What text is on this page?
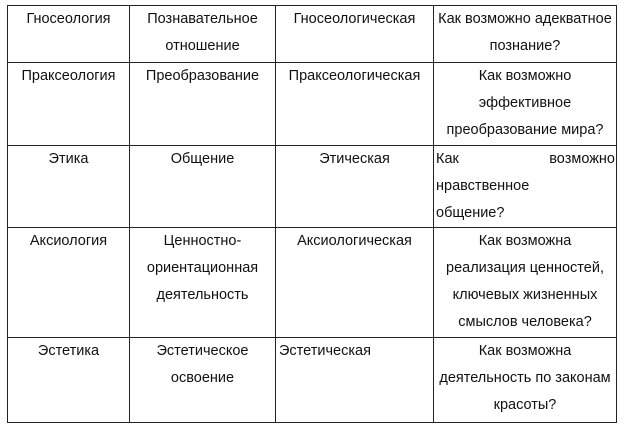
Гносеология	Познавательное отношение	Гносеологическая	Как возможно адекватное познание?
Праксеология	Преобразование	Праксеологическая	Как возможно эффективное преобразование мира?
Этика	Общение	Этическая	Как возможно
нравственное
общение?

Аксиология	Ценностно-ориентационная деятельность	Аксиологическая	Как возможна реализация ценностей, ключевых жизненных смыслов человека?
Эстетика	Эстетическое освоение	Эстетическая	Как возможна деятельность по законам красоты?
